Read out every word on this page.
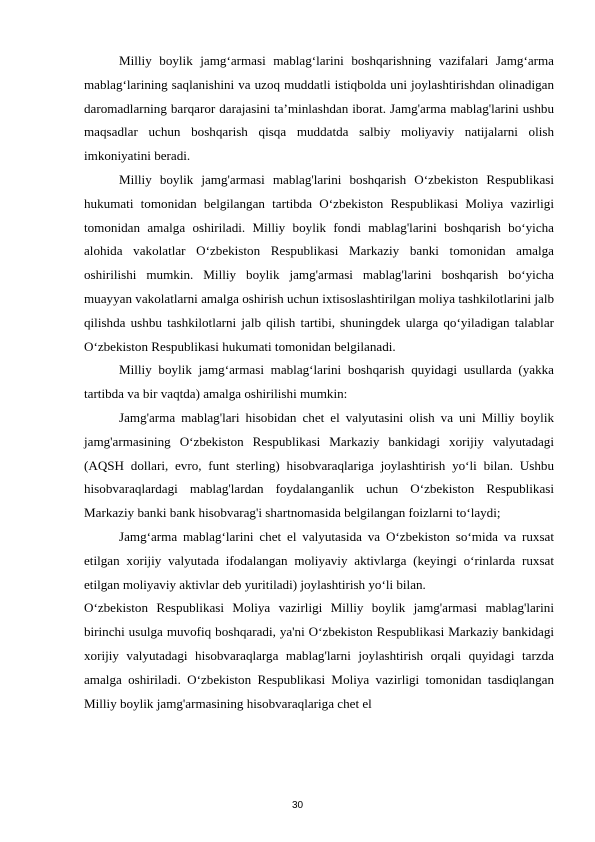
Milliy boylik jamg‘armasi mablag‘larini boshqarishning vazifalari Jamg‘arma mablag‘larining saqlanishini va uzoq muddatli istiqbolda uni joylashtirishdan olinadigan daromadlarning barqaror darajasini ta’minlashdan iborat. Jamg'arma mablag'larini ushbu maqsadlar uchun boshqarish qisqa muddatda salbiy moliyaviy natijalarni olish imkoniyatini beradi.

Milliy boylik jamg'armasi mablag'larini boshqarish O‘zbekiston Respublikasi hukumati tomonidan belgilangan tartibda O‘zbekiston Respublikasi Moliya vazirligi tomonidan amalga oshiriladi. Milliy boylik fondi mablag'larini boshqarish bo‘yicha alohida vakolatlar O‘zbekiston Respublikasi Markaziy banki tomonidan amalga oshirilishi mumkin. Milliy boylik jamg'armasi mablag'larini boshqarish bo‘yicha muayyan vakolatlarni amalga oshirish uchun ixtisoslashtirilgan moliya tashkilotlarini jalb qilishda ushbu tashkilotlarni jalb qilish tartibi, shuningdek ularga qo‘yiladigan talablar O‘zbekiston Respublikasi hukumati tomonidan belgilanadi.

Milliy boylik jamg‘armasi mablag‘larini boshqarish quyidagi usullarda (yakka tartibda va bir vaqtda) amalga oshirilishi mumkin:

Jamg'arma mablag'lari hisobidan chet el valyutasini olish va uni Milliy boylik jamg'armasining O‘zbekiston Respublikasi Markaziy bankidagi xorijiy valyutadagi (AQSH dollari, evro, funt sterling) hisobvaraqlariga joylashtirish yo‘li bilan. Ushbu hisobvaraqlardagi mablag'lardan foydalanganlik uchun O‘zbekiston Respublikasi Markaziy banki bank hisobvarag'i shartnomasida belgilangan foizlarni to‘laydi;

Jamg‘arma mablag‘larini chet el valyutasida va O‘zbekiston so‘mida va ruxsat etilgan xorijiy valyutada ifodalangan moliyaviy aktivlarga (keyingi o‘rinlarda ruxsat etilgan moliyaviy aktivlar deb yuritiladi) joylashtirish yo‘li bilan.

O‘zbekiston Respublikasi Moliya vazirligi Milliy boylik jamg'armasi mablag'larini birinchi usulga muvofiq boshqaradi, ya'ni O‘zbekiston Respublikasi Markaziy bankidagi xorijiy valyutadagi hisobvaraqlarga mablag'larni joylashtirish orqali quyidagi tarzda amalga oshiriladi. O‘zbekiston Respublikasi Moliya vazirligi tomonidan tasdiqlangan Milliy boylik jamg'armasining hisobvaraqlariga chet el

30
